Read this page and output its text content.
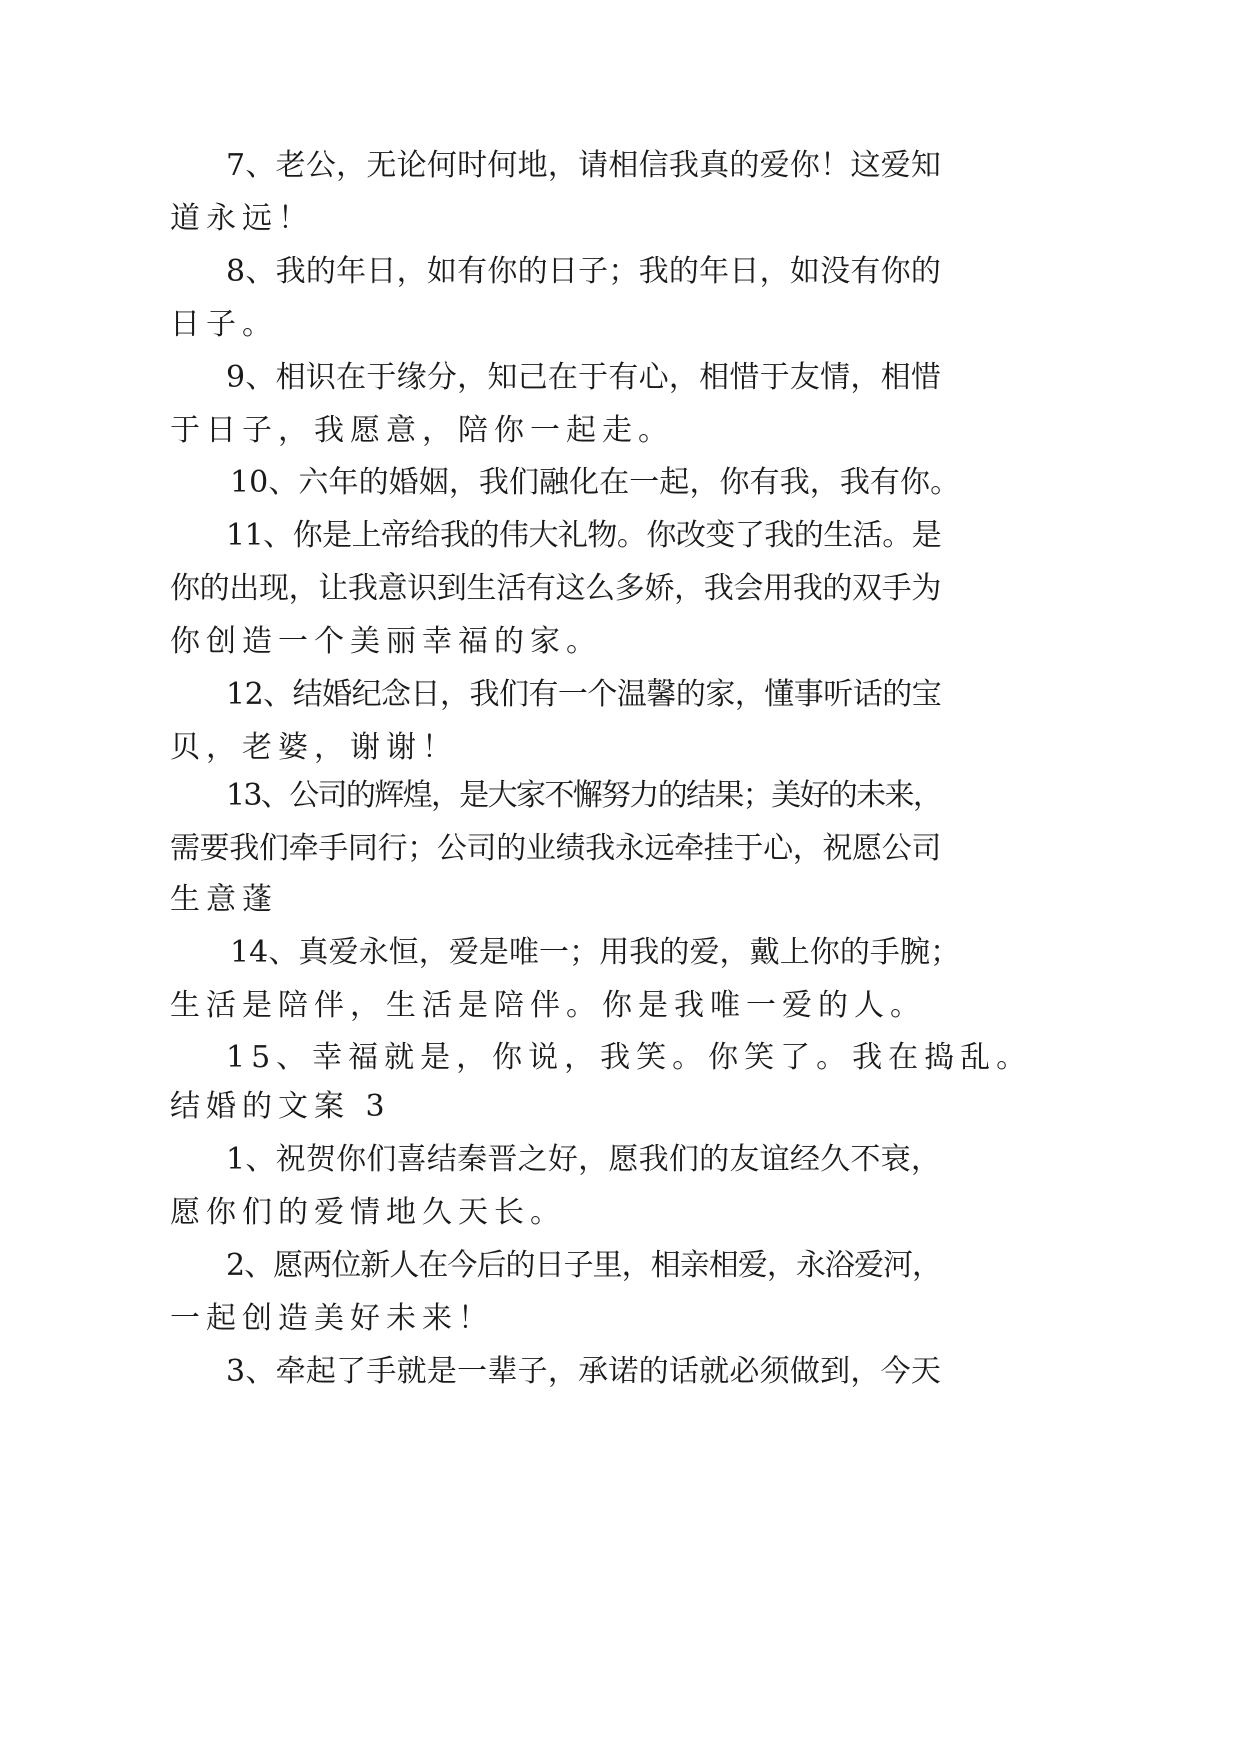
7、老公，无论何时何地，请相信我真的爱你！这爱知
道永远！
8、我的年日，如有你的日子；我的年日，如没有你的
日子。
9、相识在于缘分，知己在于有心，相惜于友情，相惜
于日子，我愿意，陪你一起走。
10、六年的婚姻，我们融化在一起，你有我，我有你。
11、你是上帝给我的伟大礼物。你改变了我的生活。是
你的出现，让我意识到生活有这么多娇，我会用我的双手为
你创造一个美丽幸福的家。
12、结婚纪念日，我们有一个温馨的家，懂事听话的宝
贝，老婆，谢谢！
13、公司的辉煌，是大家不懈努力的结果；美好的未来，
需要我们牵手同行；公司的业绩我永远牵挂于心，祝愿公司
生意蓬
14、真爱永恒，爱是唯一；用我的爱，戴上你的手腕；
生活是陪伴，生活是陪伴。你是我唯一爱的人。
15、幸福就是，你说，我笑。你笑了。我在捣乱。
结婚的文案 3
1、祝贺你们喜结秦晋之好，愿我们的友谊经久不衰，
愿你们的爱情地久天长。
2、愿两位新人在今后的日子里，相亲相爱，永浴爱河，
一起创造美好未来！
3、牵起了手就是一辈子，承诺的话就必须做到，今天
